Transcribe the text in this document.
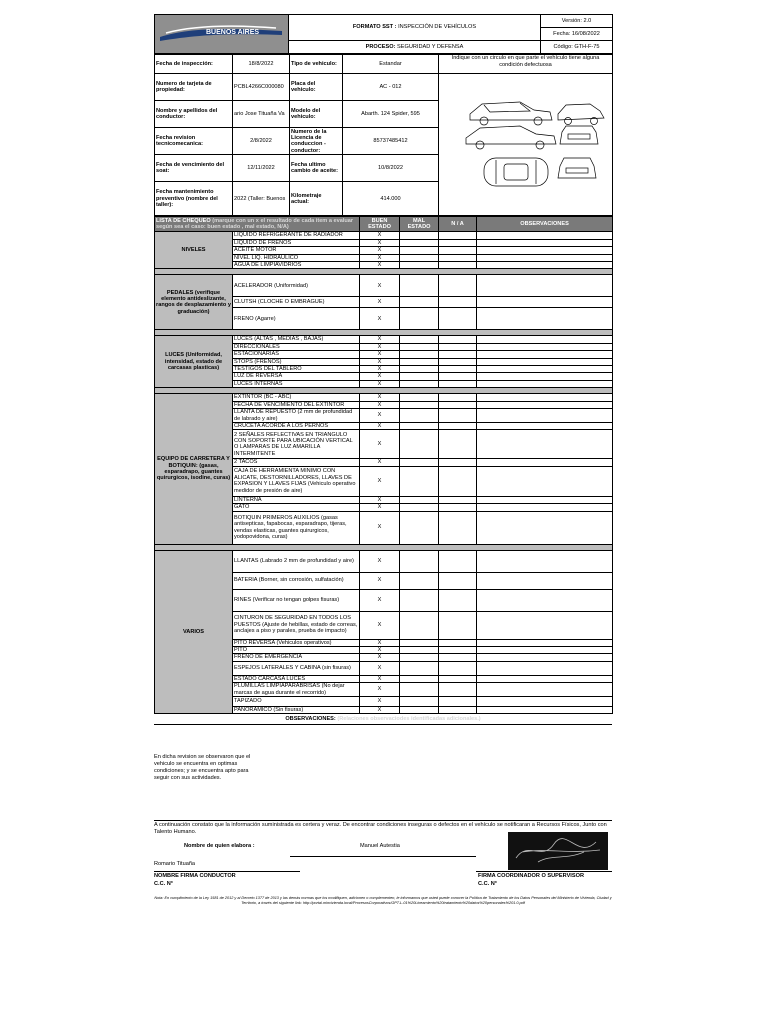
BUENOS AIRES	FORMATO SST : INSPECCIÓN DE VEHÍCULOS	Versión: 2.0
		Fecha: 16/08/2022
	PROCESO: SEGURIDAD Y DEFENSA	Código: GTH-F-75
Fecha de inspección:	18/8/2022	Tipo de vehiculo:	Estandar	Indique con un circulo en que parte el vehículo tiene alguna condición defectuosa
Numero de tarjeta de propiedad:	PCBL4266C000080	Placa del vehiculo:	AC - 012	
Nombre y apellidos del conductor:	ario Jose Tituaña Va	Modelo del vehiculo:	Abarth. 124 Spider, 595	
Fecha revision tecnicomecanica:	2/8/2022	Numero de la Licencia de conduccion - conductor:	85737485412	
Fecha de vencimiento del soat:	12/11/2022	Fecha ultimo cambio de aceite:	10/8/2022	
Fecha mantenimiento preventivo (nombre del taller):	2022 (Taller: Buenos	Kilometraje actual:	414.000	
LISTA DE CHEQUEO (marque con un x el resultado de cada item a evaluar según sea el caso: buen estado , mal estado, N/A)		BUEN ESTADO	MAL ESTADO	N / A	OBSERVACIONES
NIVELES	LIQUIDO REFRIGERANTE DE RADIADOR	X			
	LIQUIDO DE FRENOS	X			
	ACEITE MOTOR	X			
	NIVEL LIQ. HIDRAULICO	X			
	AGUA DE LIMPIAVIDRIOS	X			

PEDALES (verifique elemento antideslizante, rangos de desplazamiento y graduación)	ACELERADOR (Uniformidad)	X			
	CLUTSH (CLOCHE O EMBRAGUE)	X			
	FRENO (Agarre)	X			

LUCES (Uniformidad, intensidad, estado de carcasas plasticas)	LUCES (ALTAS , MEDIAS , BAJAS)	X			
	DIRECCIONALES	X			
	ESTACIONARIAS	X			
	STOPS (FRENOS)	X			
	TESTIGOS DEL TABLERO	X			
	LUZ DE REVERSA	X			
	LUCES INTERNAS	X			

EQUIPO DE CARRETERA Y BOTIQUIN: (gasas, esparadrapo, guantes quirurgicos, isodine, curas)	EXTINTOR (BC - ABC)	X			
	FECHA DE VENCIMIENTO DEL EXTINTOR	X			
	LLANTA DE REPUESTO (2 mm de profundidad de labrado y aire)	X			
	CRUCETA ACORDE A LOS PERNOS	X			
	2 SEÑALES REFLECTIVAS EN TRIANGULO CON SOPORTE PARA UBICACIÓN VERTICAL O LAMPARAS DE LUZ AMARILLA INTERMITENTE	X			
	2 TACOS	X			
	CAJA DE HERRAMIENTA MINIMO CON ALICATE, DESTORNILLADORES, LLAVES DE EXPASION Y LLAVES FIJAS (Vehiculo operativo medidor de presión de aire)	X			
	LINTERNA	X			
	GATO	X			
	BOTIQUIN PRIMEROS AUXILIOS (gasas antisepticas, fapabocas, esparadrapo, tijeras, vendas elasticas, guantes quirurgicos, yodopovidona, curas)	X			

VARIOS	LLANTAS (Labrado 2 mm de profundidad y aire)	X			
	BATERIA (Borner, sin corrosión, sulfatación)	X			
	RINES (Verificar no tengan golpes fisuras)	X			
	CINTURON DE SEGURIDAD EN TODOS LOS PUESTOS (Ajuste de hebillas, estado de correas, anclajes a piso y parales, prueba de impacto)	X			
	PITO REVERSA (Vehiculos operativos)	X			
	PITO	X			
	FRENO DE EMERGENCIA	X			
	ESPEJOS LATERALES Y CABINA (sin fisuras)	X			
	ESTADO CARCASA LUCES	X			
	PLUMILLAS LIMPIAPARABRISAS (No dejar marcas de agua durante el recorrido)	X			
	TAPIZADO	X			
	PANORAMICO (Sin fisuras)	X			
OBSERVACIONES: (Relaciones observaciodes identificadas adicionales.)
En dicha revision se observaron que el vehiculo se encuentra en optimas condiciones; y se encuentra apto para seguir con sus actividades.
A continuación constato que la información suministrada es certera y veraz. De encontrar condiciones inseguras o defectos en el vehículo se notificaran a Recursos Físicos, Junto con Talento Humano.
Nombre de quien elabora :	Manuel Autestia
Romario Tituaña
NOMBRE FIRMA CONDUCTOR
C.C. N°
FIRMA COORDINADOR O SUPERVISOR
C.C. N°
Nota: En cumplimiento de la Ley 1581 de 2012 y al Decreto 1377 de 2013 y las demás normas que los modifiquen, adicionen o complementen, le informamos que usted puede conocer la Política de Tratamiento de los Datos Personales del Ministerio de Vivienda, Ciudad y Territorio, a través del siguiente link: http://portal.minvivienda.local/ProcesosCorporativos/GPT-L-01%20Lineamiento%20tratamiento%20datos%20personales%201.0.pdf
